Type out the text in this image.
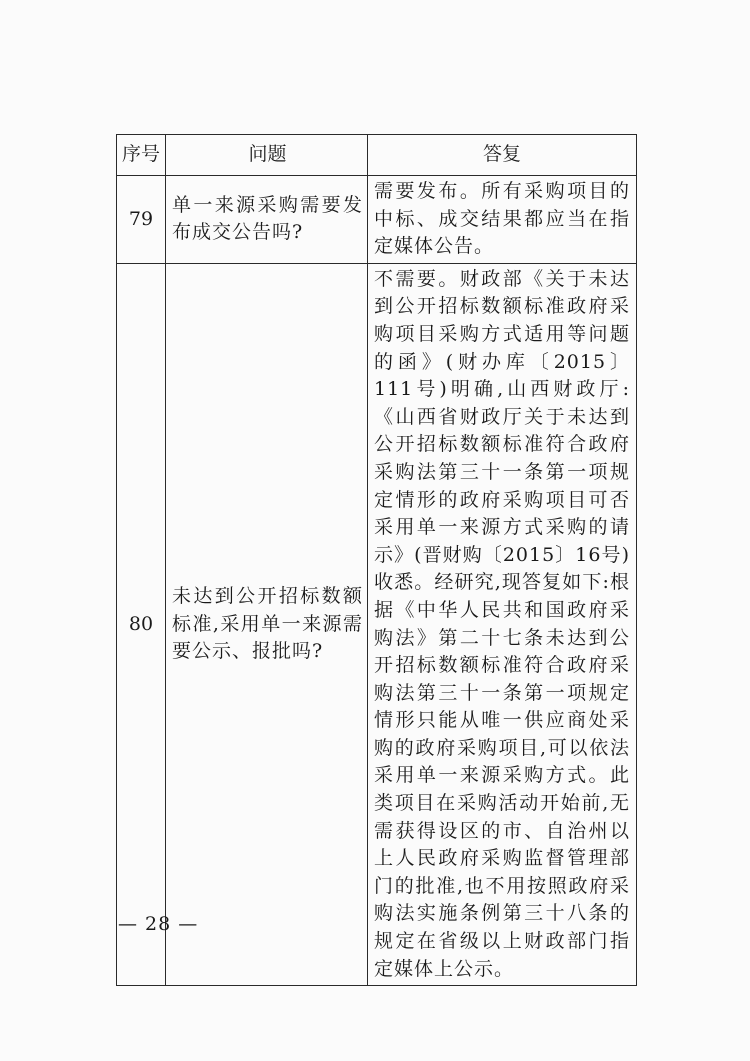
序号	问题	答复
79	单一来源采购需要发布成交公告吗?	需要发布。所有采购项目的中标、成交结果都应当在指定媒体公告。
80	未达到公开招标数额标准,采用单一来源需要公示、报批吗?	不需要。财政部《关于未达到公开招标数额标准政府采购项目采购方式适用等问题的函》(财办库〔2015〕111号)明确,山西财政厅:《山西省财政厅关于未达到公开招标数额标准符合政府采购法第三十一条第一项规定情形的政府采购项目可否采用单一来源方式采购的请示》(晋财购〔2015〕16号)收悉。经研究,现答复如下:根据《中华人民共和国政府采购法》第二十七条未达到公开招标数额标准符合政府采购法第三十一条第一项规定情形只能从唯一供应商处采购的政府采购项目,可以依法采用单一来源采购方式。此类项目在采购活动开始前,无需获得设区的市、自治州以上人民政府采购监督管理部门的批准,也不用按照政府采购法实施条例第三十八条的规定在省级以上财政部门指定媒体上公示。
— 28 —
